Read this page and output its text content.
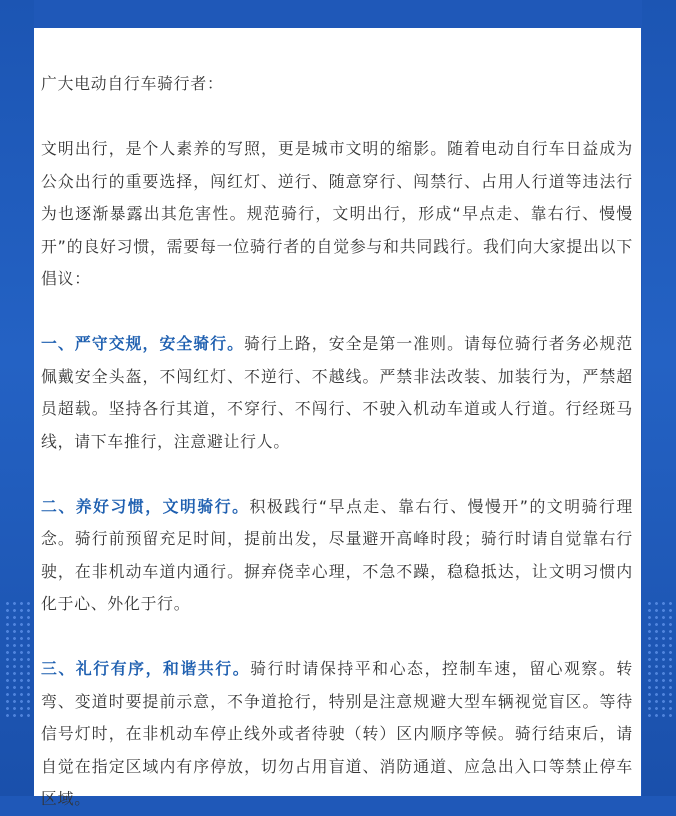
广大电动自行车骑行者：

文明出行，是个人素养的写照，更是城市文明的缩影。随着电动自行车日益成为公众出行的重要选择，闯红灯、逆行、随意穿行、闯禁行、占用人行道等违法行为也逐渐暴露出其危害性。规范骑行，文明出行，形成“早点走、靠右行、慢慢开”的良好习惯，需要每一位骑行者的自觉参与和共同践行。我们向大家提出以下倡议：

一、严守交规，安全骑行。骑行上路，安全是第一准则。请每位骑行者务必规范佩戴安全头盔，不闯红灯、不逆行、不越线。严禁非法改装、加装行为，严禁超员超载。坚持各行其道，不穿行、不闯行、不驶入机动车道或人行道。行经斑马线，请下车推行，注意避让行人。

二、养好习惯，文明骑行。积极践行“早点走、靠右行、慢慢开”的文明骑行理念。骑行前预留充足时间，提前出发，尽量避开高峰时段；骑行时请自觉靠右行驶，在非机动车道内通行。摒弃侥幸心理，不急不躁，稳稳抵达，让文明习惯内化于心、外化于行。

三、礼行有序，和谐共行。骑行时请保持平和心态，控制车速，留心观察。转弯、变道时要提前示意，不争道抢行，特别是注意规避大型车辆视觉盲区。等待信号灯时，在非机动车停止线外或者待驶（转）区内顺序等候。骑行结束后，请自觉在指定区域内有序停放，切勿占用盲道、消防通道、应急出入口等禁止停车区域。
